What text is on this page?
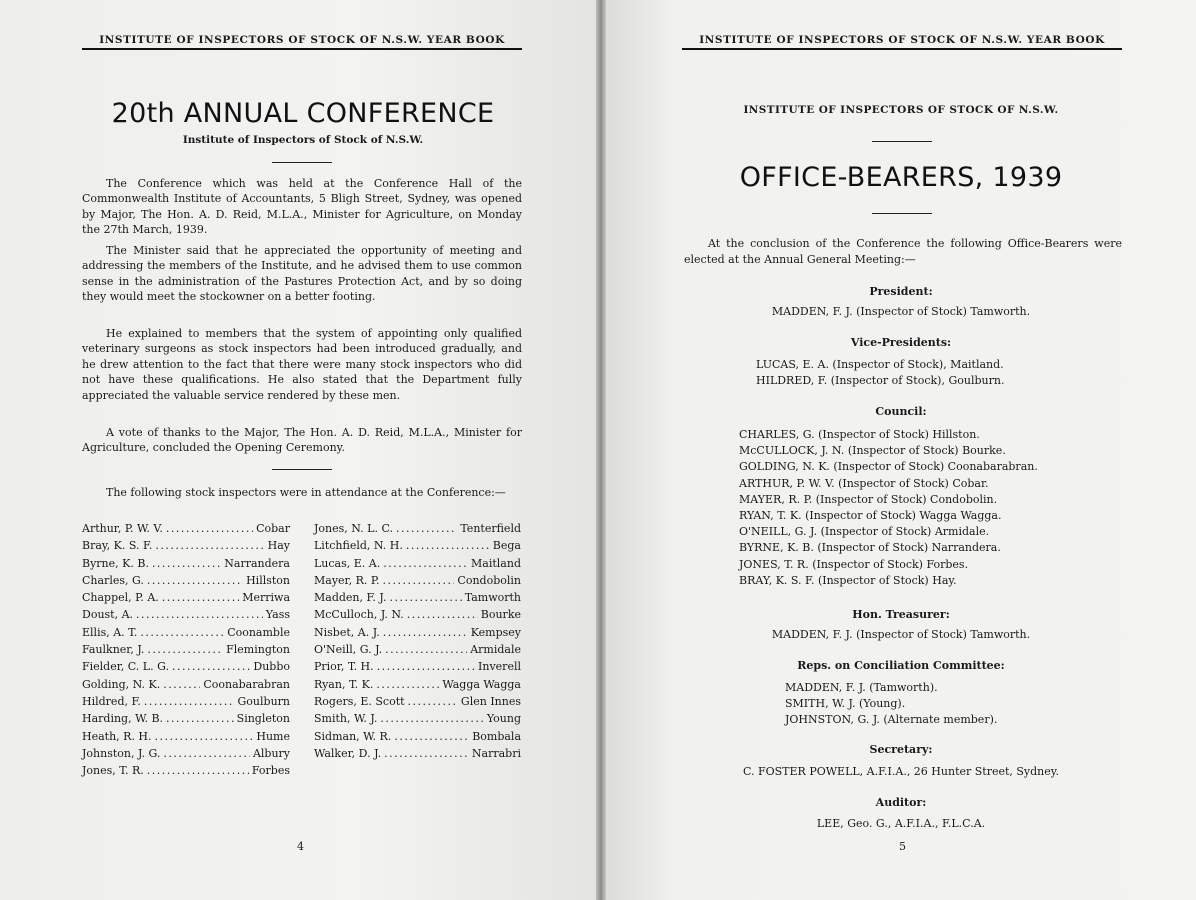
INSTITUTE OF INSPECTORS OF STOCK OF N.S.W. YEAR BOOK
20th ANNUAL CONFERENCE
Institute of Inspectors of Stock of N.S.W.
The Conference which was held at the Conference Hall of the Commonwealth Institute of Accountants, 5 Bligh Street, Sydney, was opened by Major, The Hon. A. D. Reid, M.L.A., Minister for Agriculture, on Monday the 27th March, 1939.
The Minister said that he appreciated the opportunity of meeting and addressing the members of the Institute, and he advised them to use common sense in the administration of the Pastures Protection Act, and by so doing they would meet the stockowner on a better footing.
He explained to members that the system of appointing only qualified veterinary surgeons as stock inspectors had been introduced gradually, and he drew attention to the fact that there were many stock inspectors who did not have these qualifications. He also stated that the Department fully appreciated the valuable service rendered by these men.
A vote of thanks to the Major, The Hon. A. D. Reid, M.L.A., Minister for Agriculture, concluded the Opening Ceremony.
The following stock inspectors were in attendance at the Conference:—
Arthur, P. W. V. .....	Cobar
Bray, K. S. F. .....	Hay
Byrne, K. B. .....	Narrandera
Charles, G. .....	Hillston
Chappel, P. A. .....	Merriwa
Doust, A. .....	Yass
Ellis, A. T. .....	Coonamble
Faulkner, J. .....	Flemington
Fielder, C. L. G. .....	Dubbo
Golding, N. K. .....	Coonabarabran
Hildred, F. .....	Goulburn
Harding, W. B. .....	Singleton
Heath, R. H. .....	Hume
Johnston, J. G. .....	Albury
Jones, T. R. .....	Forbes
Jones, N. L. C. .....	Tenterfield
Litchfield, N. H. .....	Bega
Lucas, E. A. .....	Maitland
Mayer, R. P. .....	Condobolin
Madden, F. J. .....	Tamworth
McCulloch, J. N. .....	Bourke
Nisbet, A. J. .....	Kempsey
O'Neill, G. J. .....	Armidale
Prior, T. H. .....	Inverell
Ryan, T. K. .....	Wagga Wagga
Rogers, E. Scott .....	Glen Innes
Smith, W. J. .....	Young
Sidman, W. R. .....	Bombala
Walker, D. J. .....	Narrabri
4
INSTITUTE OF INSPECTORS OF STOCK OF N.S.W. YEAR BOOK
INSTITUTE OF INSPECTORS OF STOCK OF N.S.W.
OFFICE-BEARERS, 1939
At the conclusion of the Conference the following Office-Bearers were elected at the Annual General Meeting:—
President:
MADDEN, F. J. (Inspector of Stock) Tamworth.
Vice-Presidents:
LUCAS, E. A. (Inspector of Stock), Maitland.
HILDRED, F. (Inspector of Stock), Goulburn.
Council:
CHARLES, G. (Inspector of Stock) Hillston.
McCULLOCK, J. N. (Inspector of Stock) Bourke.
GOLDING, N. K. (Inspector of Stock) Coonabarabran.
ARTHUR, P. W. V. (Inspector of Stock) Cobar.
MAYER, R. P. (Inspector of Stock) Condobolin.
RYAN, T. K. (Inspector of Stock) Wagga Wagga.
O'NEILL, G. J. (Inspector of Stock) Armidale.
BYRNE, K. B. (Inspector of Stock) Narrandera.
JONES, T. R. (Inspector of Stock) Forbes.
BRAY, K. S. F. (Inspector of Stock) Hay.
Hon. Treasurer:
MADDEN, F. J. (Inspector of Stock) Tamworth.
Reps. on Conciliation Committee:
MADDEN, F. J. (Tamworth).
SMITH, W. J. (Young).
JOHNSTON, G. J. (Alternate member).
Secretary:
C. FOSTER POWELL, A.F.I.A., 26 Hunter Street, Sydney.
Auditor:
LEE, Geo. G., A.F.I.A., F.L.C.A.
5
